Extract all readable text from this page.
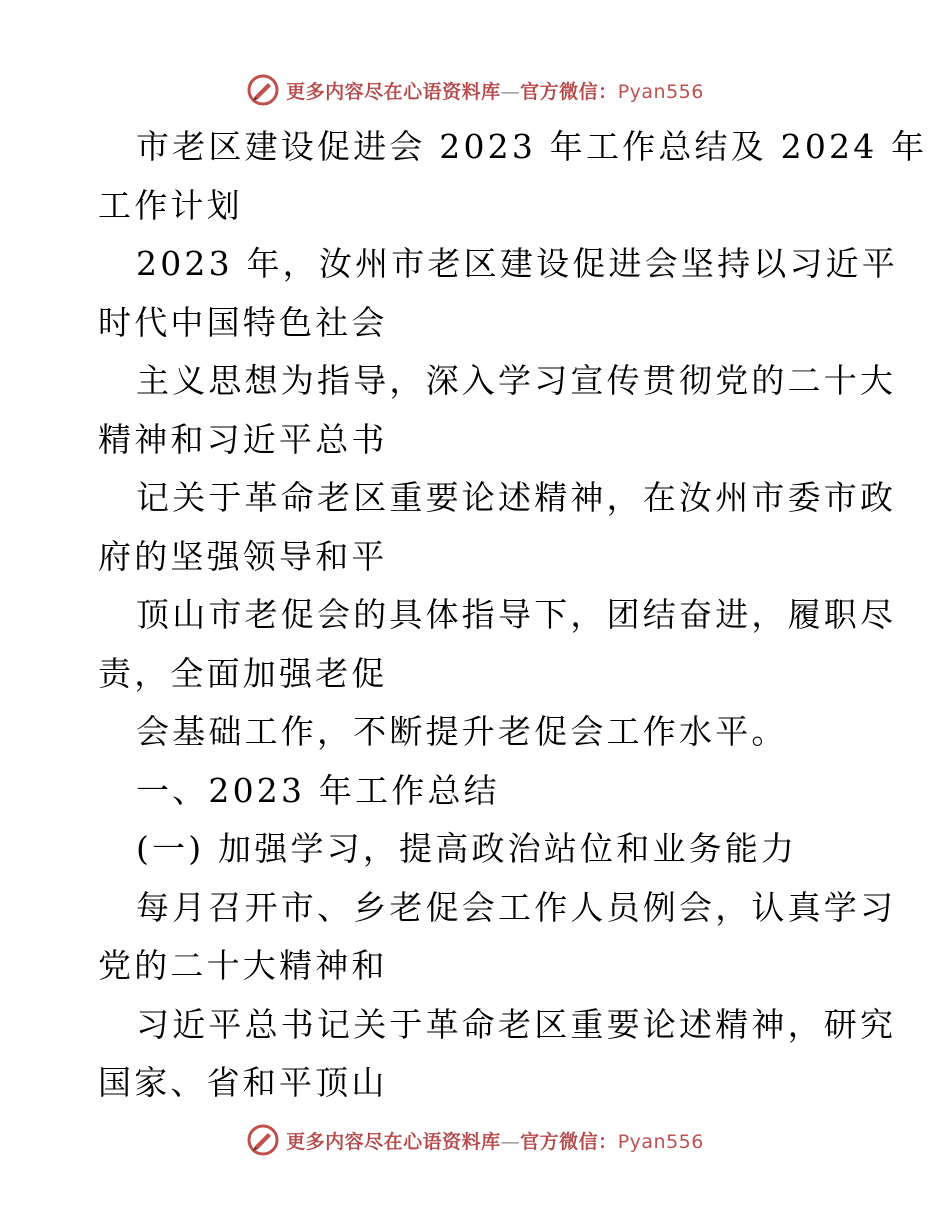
更多内容尽在心语资料库—官方微信：Pyan556
市老区建设促进会 2023 年工作总结及 2024 年
工作计划
2023 年，汝州市老区建设促进会坚持以习近平
时代中国特色社会
主义思想为指导，深入学习宣传贯彻党的二十大
精神和习近平总书
记关于革命老区重要论述精神，在汝州市委市政
府的坚强领导和平
顶山市老促会的具体指导下，团结奋进，履职尽
责，全面加强老促
会基础工作，不断提升老促会工作水平。
一、2023 年工作总结
(一) 加强学习，提高政治站位和业务能力
每月召开市、乡老促会工作人员例会，认真学习
党的二十大精神和
习近平总书记关于革命老区重要论述精神，研究
国家、省和平顶山
更多内容尽在心语资料库—官方微信：Pyan556
